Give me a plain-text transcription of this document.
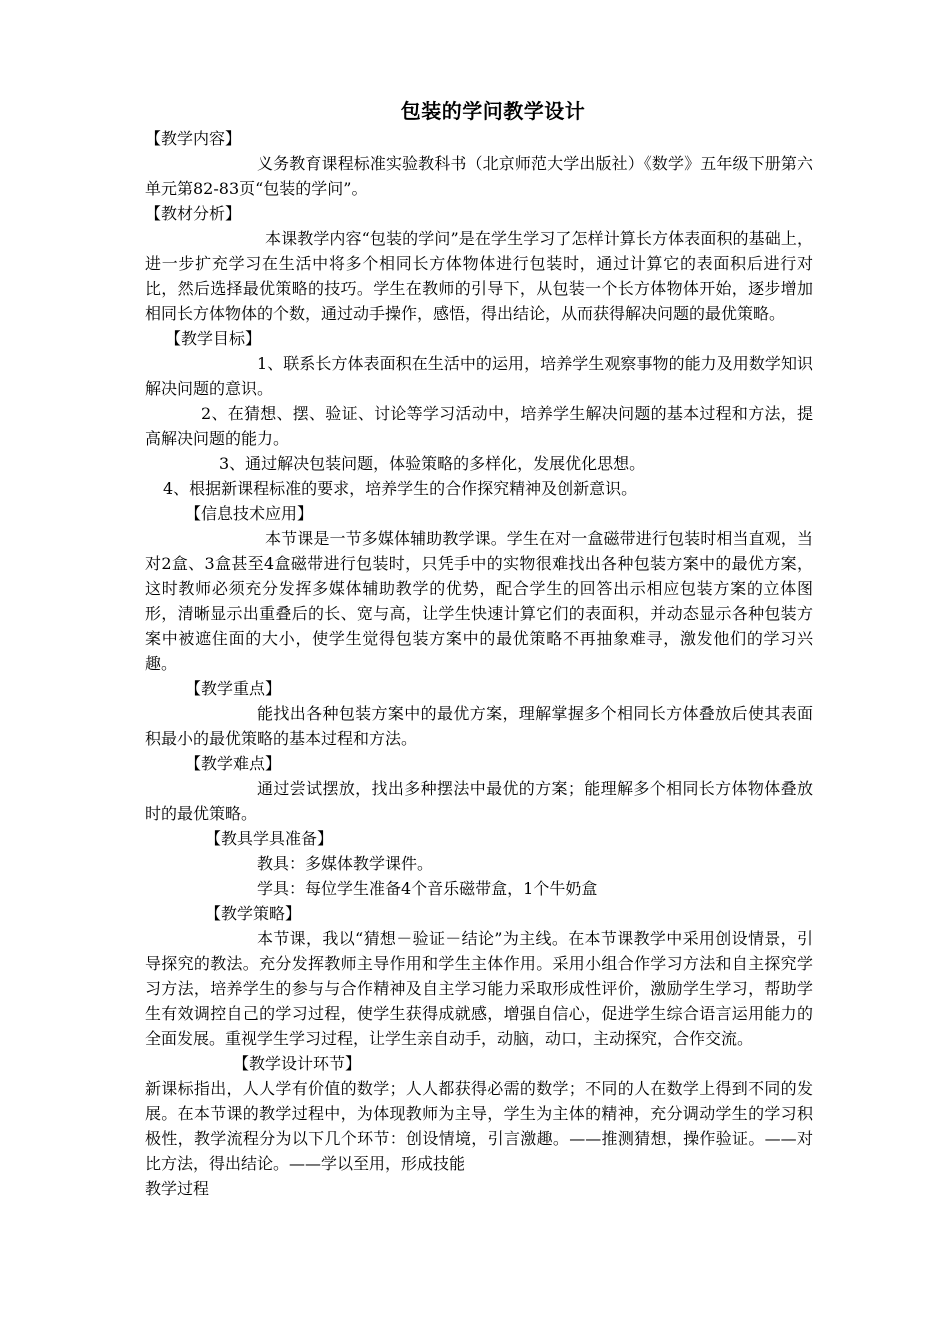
包装的学问教学设计
【教学内容】

义务教育课程标准实验教科书（北京师范大学出版社）《数学》五年级下册第六单元第82-83页“包装的学问”。

【教材分析】

本课教学内容“包装的学问”是在学生学习了怎样计算长方体表面积的基础上，进一步扩充学习在生活中将多个相同长方体物体进行包装时，通过计算它的表面积后进行对比，然后选择最优策略的技巧。学生在教师的引导下，从包装一个长方体物体开始，逐步增加相同长方体物体的个数，通过动手操作，感悟，得出结论，从而获得解决问题的最优策略。

【教学目标】

1、联系长方体表面积在生活中的运用，培养学生观察事物的能力及用数学知识解决问题的意识。

2、在猜想、摆、验证、讨论等学习活动中，培养学生解决问题的基本过程和方法，提高解决问题的能力。

3、通过解决包装问题，体验策略的多样化，发展优化思想。
4、根据新课程标准的要求，培养学生的合作探究精神及创新意识。
【信息技术应用】

本节课是一节多媒体辅助教学课。学生在对一盒磁带进行包装时相当直观，当对2盒、3盒甚至4盒磁带进行包装时，只凭手中的实物很难找出各种包装方案中的最优方案，这时教师必须充分发挥多媒体辅助教学的优势，配合学生的回答出示相应包装方案的立体图形，清晰显示出重叠后的长、宽与高，让学生快速计算它们的表面积，并动态显示各种包装方案中被遮住面的大小，使学生觉得包装方案中的最优策略不再抽象难寻，激发他们的学习兴趣。

【教学重点】

能找出各种包装方案中的最优方案，理解掌握多个相同长方体叠放后使其表面积最小的最优策略的基本过程和方法。

【教学难点】

通过尝试摆放，找出多种摆法中最优的方案；能理解多个相同长方体物体叠放时的最优策略。

【教具学具准备】
教具：多媒体教学课件。
学具：每位学生准备4个音乐磁带盒，1个牛奶盒
【教学策略】

本节课，我以“猜想－验证－结论”为主线。在本节课教学中采用创设情景，引导探究的教法。充分发挥教师主导作用和学生主体作用。采用小组合作学习方法和自主探究学习方法，培养学生的参与与合作精神及自主学习能力采取形成性评价，激励学生学习，帮助学生有效调控自己的学习过程，使学生获得成就感，增强自信心，促进学生综合语言运用能力的全面发展。重视学生学习过程，让学生亲自动手，动脑，动口，主动探究，合作交流。

【教学设计环节】

新课标指出，人人学有价值的数学；人人都获得必需的数学；不同的人在数学上得到不同的发展。在本节课的教学过程中，为体现教师为主导，学生为主体的精神，充分调动学生的学习积极性，教学流程分为以下几个环节：创设情境，引言激趣。——推测猜想，操作验证。——对比方法，得出结论。——学以至用，形成技能

教学过程
